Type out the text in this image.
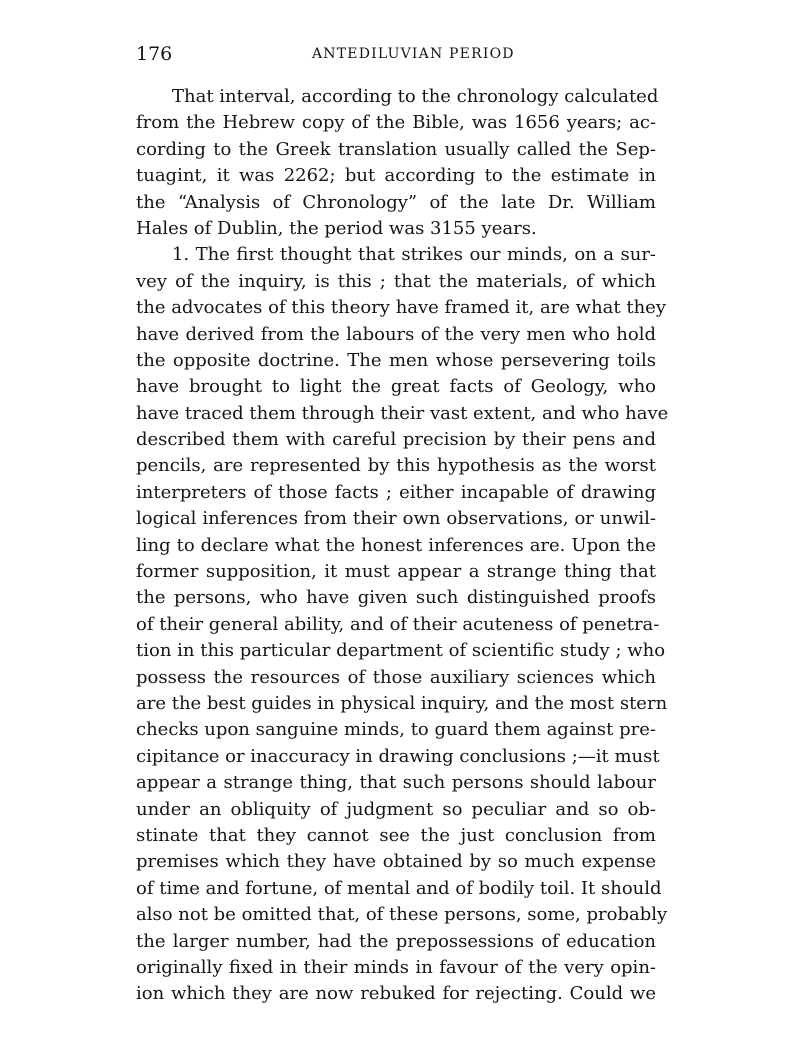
176	ANTEDILUVIAN PERIOD
That interval, according to the chronology calculated
from the Hebrew copy of the Bible, was 1656 years; ac-
cording to the Greek translation usually called the Sep-
tuagint, it was 2262; but according to the estimate in
the “Analysis of Chronology” of the late Dr. William
Hales of Dublin, the period was 3155 years.
1. The first thought that strikes our minds, on a sur-
vey of the inquiry, is this ; that the materials, of which
the advocates of this theory have framed it, are what they
have derived from the labours of the very men who hold
the opposite doctrine. The men whose persevering toils
have brought to light the great facts of Geology, who
have traced them through their vast extent, and who have
described them with careful precision by their pens and
pencils, are represented by this hypothesis as the worst
interpreters of those facts ; either incapable of drawing
logical inferences from their own observations, or unwil-
ling to declare what the honest inferences are. Upon the
former supposition, it must appear a strange thing that
the persons, who have given such distinguished proofs
of their general ability, and of their acuteness of penetra-
tion in this particular department of scientific study ; who
possess the resources of those auxiliary sciences which
are the best guides in physical inquiry, and the most stern
checks upon sanguine minds, to guard them against pre-
cipitance or inaccuracy in drawing conclusions ;—it must
appear a strange thing, that such persons should labour
under an obliquity of judgment so peculiar and so ob-
stinate that they cannot see the just conclusion from
premises which they have obtained by so much expense
of time and fortune, of mental and of bodily toil. It should
also not be omitted that, of these persons, some, probably
the larger number, had the prepossessions of education
originally fixed in their minds in favour of the very opin-
ion which they are now rebuked for rejecting. Could we
